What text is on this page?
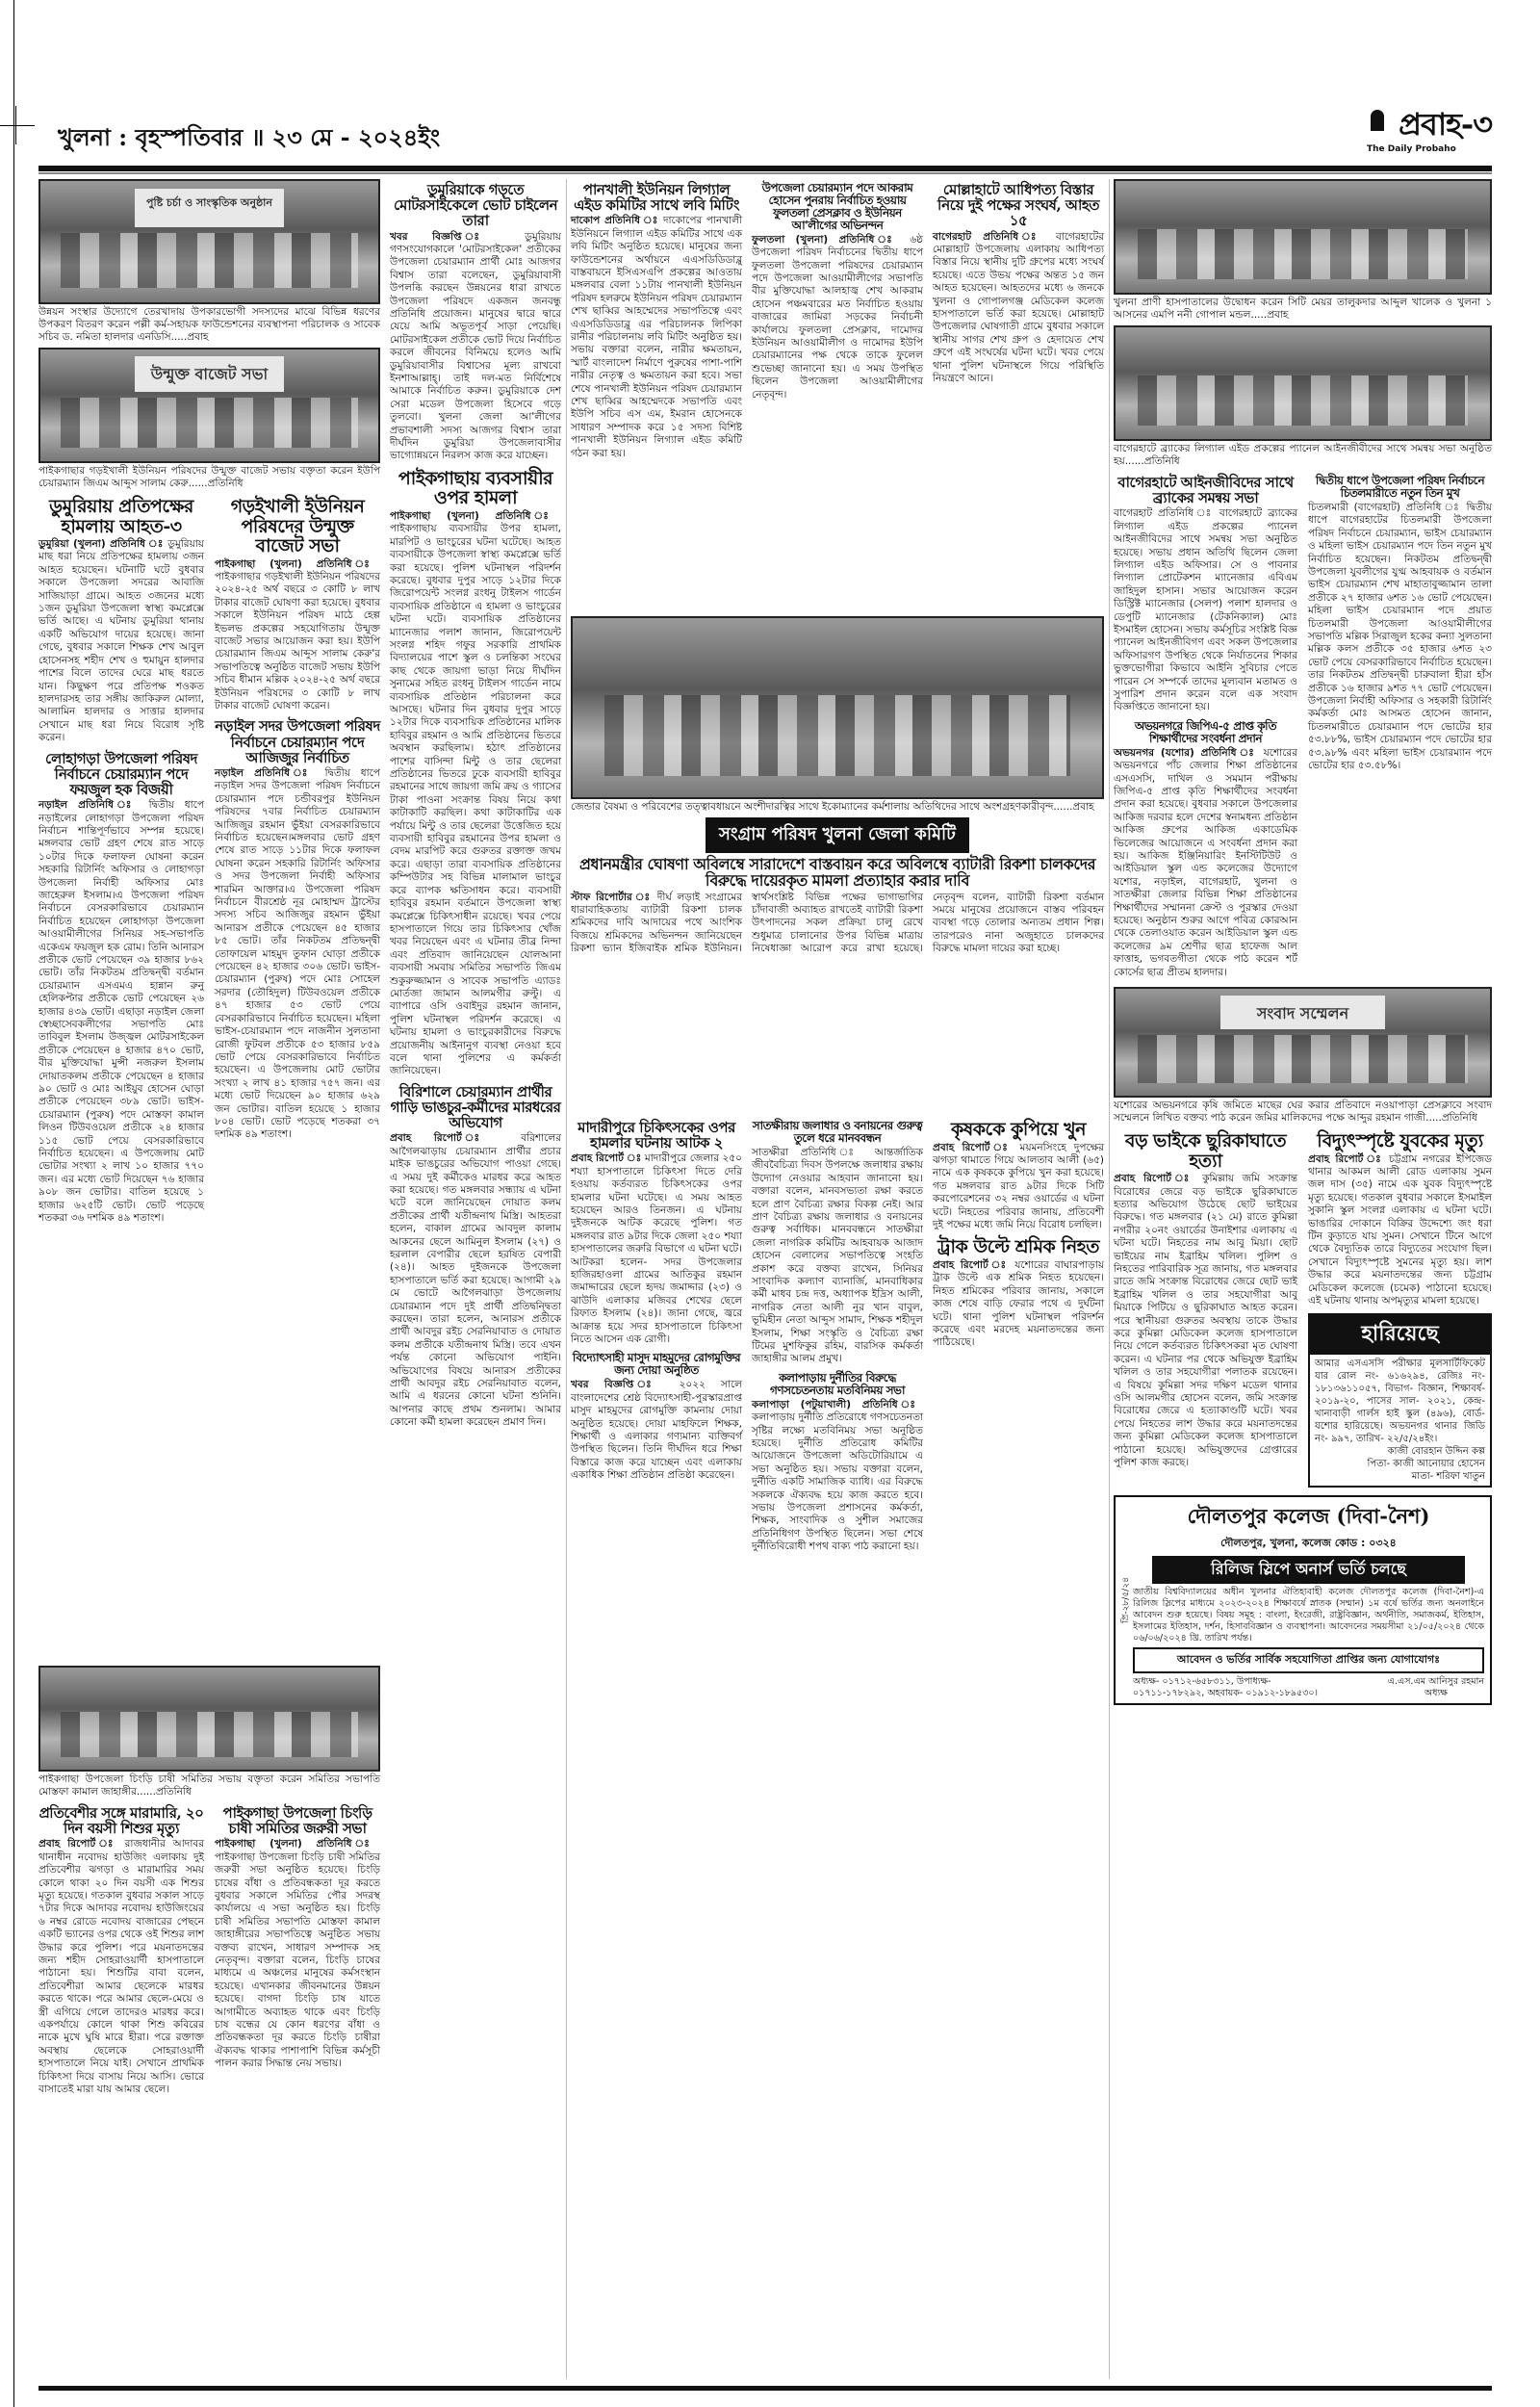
খুলনা : বৃহস্পতিবার ॥ ২৩ মে - ২০২৪ইং	প্রবাহ-৩
The Daily Probaho
পুষ্টি চর্চা ও সাংস্কৃতিক অনুষ্ঠান

উন্নয়ন সংস্থার উদ্যোগে তেরখাদায় উপকারভোগী সদস্যদের মাঝে বিভিন্ন ধরণের উপকরণ বিতরণ করেন পল্লী কর্ম-সহায়ক ফাউন্ডেশনের ব্যবস্থাপনা পরিচালক ও সাবেক সচিব ড. নমিতা হালদার এনডিসি.....প্রবাহ

উন্মুক্ত বাজেট সভা

পাইকগাছার গড়ইখালী ইউনিয়ন পরিষদের উন্মুক্ত বাজেট সভায় বক্তৃতা করেন ইউপি চেয়ারম্যান জিএম আব্দুস সালাম কেরু......প্রতিনিধি

ডুমুরিয়ায় প্রতিপক্ষের হামলায় আহত-৩

ডুমুরিয়া (খুলনা) প্রতিনিধি ঃ ডুমুরিয়ায় মাছ ধরা নিয়ে প্রতিপক্ষের হামলায় ৩জন আহত হয়েছেন। ঘটনাটি ঘটে বুধবার সকালে উপজেলা সদরের আবাজি সাজিয়াড়া গ্রামে। আহত ৩জনের মধ্যে ১জন ডুমুরিয়া উপজেলা স্বাস্থ্য কমপ্লেক্সে ভর্তি আছে। এ ঘটনায় ডুমুরিয়া থানায় একটি অভিযোগ দায়ের হয়েছে। জানা গেছে, বুধবার সকালে শিক্ষক শেখ আবুল হোসেনসহ শহীদ শেখ ও হুমায়ুন হালদার পাশের বিলে তাদের ঘেরে মাছ ধরতে যান। কিছুক্ষণ পরে প্রতিপক্ষ শওকত হালদারসহ তার সঙ্গীয় জাকিরুল মোল্যা, আলামিন হালদার ও সাত্তার হালদার সেখানে মাছ ধরা নিয়ে বিরোধ সৃষ্টি করেন।

লোহাগড়া উপজেলা পরিষদ নির্বাচনে চেয়ারম্যান পদে ফয়জুল হক বিজয়ী

নড়াইল প্রতিনিধি ঃ দ্বিতীয় ধাপে নড়াইলের লোহাগড়া উপজেলা পরিষদ নির্বাচন শান্তিপূর্ণভাবে সম্পন্ন হয়েছে। মঙ্গলবার ভোট গ্রহণ শেষে রাত সাড়ে ১০টার দিকে ফলাফল ঘোষনা করেন সহকারি রিটার্নিং অফিসার ও লোহাগড়া উপজেলা নির্বাহী অফিসার মোঃ জাহেরুল ইসলাম।এ উপজেলা পরিষদ নির্বাচনে বেসরকারিভাবে চেয়ারম্যান নির্বাচিত হয়েছেন লোহাগড়া উপজেলা আওয়ামীলীগের সিনিয়র সহ-সভাপতি একেএম ফয়জুল হক রোম। তিনি আনারস প্রতীকে ভোট পেয়েছেন ৩৯ হাজার ৮৬২ ভোট। তাঁর নিকটতম প্রতিদ্বন্দ্বী বর্তমান চেয়ারম্যান এসএমএ হান্নান রুনু হেলিকপ্টার প্রতীকে ভোট পেয়েছেন ২৬ হাজার ৪৩৯ ভোট। এছাড়া নড়াইল জেলা স্বেচ্ছাসেবকলীগের সভাপতি মোঃ তাবিবুল ইসলাম উজ্জ্বল মোটরসাইকেল প্রতীকে পেয়েছেন ৪ হাজার ৪৭০ ভোট, বীর মুক্তিযোদ্ধা মুন্সী নজরুল ইসলাম দোয়াতকলম প্রতীকে পেয়েছেন ৪ হাজার ৯০ ভোট ও মোঃ আইয়ুব হোসেন ঘোড়া প্রতীকে পেয়েছেন ৩৮৯ ভোট। ভাইস-চেয়ারম্যান (পুরুষ) পদে মোস্তফা কামাল লিওন টিউবওয়েল প্রতীকে ২৪ হাজার ১১৫ ভোট পেয়ে বেসরকারিভাবে নির্বাচিত হয়েছেন। এ উপজেলায় মোট ভোটার সংখ্যা ২ লাখ ১০ হাজার ৭৭০ জন। এর মধ্যে ভোট দিয়েছেন ৭৬ হাজার ৯০৮ জন ভোটার। বাতিল হয়েছে ১ হাজার ৬২৫টি ভোট। ভোট পড়েছে শতকরা ৩৬ দশমিক ৪৯ শতাংশ।

গড়ইখালী ইউনিয়ন পরিষদের উন্মুক্ত বাজেট সভা

পাইকগাছা (খুলনা) প্রতিনিধি ঃ পাইকগাছার গড়ইখালী ইউনিয়ন পরিষদের ২০২৪-২৫ অর্থ বছরে ৩ কোটি ৮ লাখ টাকার বাজেট ঘোষণা করা হয়েছে। বুধবার সকালে ইউনিয়ন পরিষদ মাঠে হেল্প ইভলভ প্রকল্পের সহযোগিতায় উন্মুক্ত বাজেট সভার আয়োজন করা হয়। ইউপি চেয়ারম্যান জিএম আব্দুস সালাম কেরু'র সভাপতিত্বে অনুষ্ঠিত বাজেট সভায় ইউপি সচিব ধীমান মল্লিক ২০২৪-২৫ অর্থ বছরে ইউনিয়ন পরিষদের ৩ কোটি ৮ লাখ টাকার বাজেট ঘোষণা করেন।

নড়াইল সদর উপজেলা পরিষদ নির্বাচনে চেয়ারম্যান পদে আজিজুর নির্বাচিত

নড়াইল প্রতিনিধি ঃ দ্বিতীয় ধাপে নড়াইল সদর উপজেলা পরিষদ নির্বাচনে চেয়ারম্যান পদে চন্ডীবরপুর ইউনিয়ন পরিষদের ৭বার নির্বাচিত চেয়ারম্যান আজিজুর রহমান ভুঁইয়া বেসরকারিভাবে নির্বাচিত হয়েছেন।মঙ্গলবার ভোট গ্রহণ শেষে রাত সাড়ে ১১টার দিকে ফলাফল ঘোষনা করেন সহকারি রিটার্নিং অফিসার ও সদর উপজেলা নির্বাহী অফিসার শারমিন আক্তার।এ উপজেলা পরিষদ নির্বাচনে বীরশ্রেষ্ঠ নূর মোহাম্মদ ট্রাস্টের সদস্য সচিব আজিজুর রহমান ভুঁইয়া আনারস প্রতীকে পেয়েছেন ৪৫ হাজার ৮৫ ভোট। তাঁর নিকটতম প্রতিদ্বন্দ্বী তোফায়েল মাহমুদ তুফান ঘোড়া প্রতীকে পেয়েছেন ৪২ হাজার ৩০৬ ভোট। ভাইস-চেয়ারম্যান (পুরুষ) পদে মোঃ সোহেল সরদার (তৌহিদুল) টিউবওয়েল প্রতীকে ৪৭ হাজার ৫৩ ভোট পেয়ে বেসরকারিভাবে নির্বাচিত হয়েছেন। মহিলা ভাইস-চেয়ারম্যান পদে নাজনীন সুলতানা রোজী ফুটবল প্রতীকে ৫৩ হাজার ৮৫৯ ভোট পেয়ে বেসরকারিভাবে নির্বাচিত হয়েছেন। এ উপজেলায় মোট ভোটার সংখ্যা ২ লাখ ৪১ হাজার ৭৫৭ জন। এর মধ্যে ভোট দিয়েছেন ৯০ হাজার ৬২৯ জন ভোটার। বাতিল হয়েছে ১ হাজার ৮০৪ ভোট। ভোট পড়েছে শতকরা ৩৭ দশমিক ৪৯ শতাংশ।

পাইকগাছা উপজেলা চিংড়ি চাষী সমিতির সভায় বক্তৃতা করেন সমিতির সভাপতি মোস্তফা কামাল জাহাঙ্গীর......প্রতিনিধি

প্রতিবেশীর সঙ্গে মারামারি, ২০ দিন বয়সী শিশুর মৃত্যু

প্রবাহ রিপোর্ট ঃ রাজধানীর আদাবর থানাধীন নবোদয় হাউজিং এলাকায় দুই প্রতিবেশীর ঝগড়া ও মারামারির সময় কোলে থাকা ২০ দিন বয়সী এক শিশুর মৃত্যু হয়েছে। গতকাল বুধবার সকাল সাড়ে ৭টার দিকে আদাবর নবোদয় হাউজিংয়ের ৬ নম্বর রোডে নবোদয় বাজারের পেছনে একটি ভ্যানের ওপর থেকে ওই শিশুর লাশ উদ্ধার করে পুলিশ। পরে ময়নাতদন্তের জন্য শহীদ সোহরাওয়ার্দী হাসপাতালে পাঠানো হয়। শিশুটির বাবা বলেন, প্রতিবেশীরা আমার ছেলেকে মারধর করতে থাকে। পরে আমার ছেলে-মেয়ে ও স্ত্রী এগিয়ে গেলে তাদেরও মারধর করে। একপর্যায়ে কোলে থাকা শিশু কবিরের নাকে মুখে ঘুষি মারে হীরা। পরে রক্তাক্ত অবস্থায় ছেলেকে সোহরাওয়ার্দী হাসপাতালে নিয়ে যাই। সেখানে প্রাথমিক চিকিৎসা দিয়ে বাসায় নিয়ে আসি। ভোরে বাসাতেই মারা যায় আমার ছেলে।

পাইকগাছা উপজেলা চিংড়ি চাষী সমিতির জরুরী সভা

পাইকগাছা (খুলনা) প্রতিনিধি ঃ পাইকগাছা উপজেলা চিংড়ি চাষী সমিতির জরুরী সভা অনুষ্ঠিত হয়েছে। চিংড়ি চাষের বাঁধা ও প্রতিবন্ধকতা দূর করতে বুধবার সকালে সমিতির পৌর সদরস্থ কার্যালয়ে এ সভা অনুষ্ঠিত হয়। চিংড়ি চাষী সমিতির সভাপতি মোস্তফা কামাল জাহাঙ্গীরের সভাপতিত্বে অনুষ্ঠিত সভায় বক্তব্য রাখেন, সাধারণ সম্পাদক সহ নেতৃবৃন্দ। বক্তারা বলেন, চিংড়ি চাষের মাধ্যমে এ অঞ্চলের মানুষের কর্মসংস্থান হয়েছে। এখানকার জীবনমানের উন্নয়ন হয়েছে। বাগদা চিংড়ি চাষ যাতে আগামীতে অব্যাহত থাকে এবং চিংড়ি চাষ বন্ধের যে কোন ধরণের বাঁধা ও প্রতিবন্ধকতা দূর করতে চিংড়ি চাষীরা ঐক্যবদ্ধ থাকার পাশাপাশি বিভিন্ন কর্মসূচী পালন করার সিদ্ধান্ত নেয় সভায়।

ডুমুরিয়াকে গড়তে মোটরসাইকেলে ভোট চাইলেন তারা

খবর বিজ্ঞপ্তি ঃ ডুমুরিয়ায় গণসংযোগকালে 'মোটরসাইকেল' প্রতীকের উপজেলা চেয়ারম্যান প্রার্থী মোঃ আজগর বিশ্বাস তারা বলেছেন, ডুমুরিয়াবাসী উপলব্ধি করছেন উন্নয়নের ধারা রাখতে উপজেলা পরিষদে একজন জনবন্ধু প্রতিনিধি প্রয়োজন। মানুষের দ্বারে দ্বারে যেয়ে আমি অভূতপূর্ব সাড়া পেয়েছি। মোটরসাইকেল প্রতীকে ভোট দিয়ে নির্বাচিত করলে জীবনের বিনিময়ে হলেও আমি ডুমুরিয়াবাসীর বিশ্বাসের মূল্য রাখবো ইনশাআল্লাহ্। তাই দল-মত নির্বিশেষে আমাকে নির্বাচিত করুন। ডুমুরিয়াকে দেশ সেরা মডেল উপজেলা হিসেবে গড়ে তুলবো। খুলনা জেলা আ'লীগের প্রভাবশালী সদস্য আজগর বিশ্বাস তারা দীর্ঘদিন ডুমুরিয়া উপজেলাবাসীর ভাগ্যোন্নয়নে নিরলস কাজ করে যাচ্ছেন।

পাইকগাছায় ব্যবসায়ীর ওপর হামলা

পাইকগাছা (খুলনা) প্রতিনিধি ঃ পাইকগাছায় ব্যবসায়ীর উপর হামলা, মারপিট ও ভাংচুরের ঘটনা ঘটেছে। আহত ব্যবসায়ীকে উপজেলা স্বাস্থ্য কমপ্লেক্সে ভর্তি করা হয়েছে। পুলিশ ঘটনাস্থল পরিদর্শন করেছে। বুধবার দুপুর সাড়ে ১২টার দিকে জিরোপয়েন্ট সংলগ্ন রংধনু টাইলস গার্ডেন ব্যবসায়িক প্রতিষ্ঠানে এ হামলা ও ভাংচুরের ঘটনা ঘটে। ব্যবসায়িক প্রতিষ্ঠানের ম্যানেজার পলাশ জানান, জিরোপয়েন্ট সংলগ্ন শহিদ গফুর সরকারি প্রাথমিক বিদ্যালয়ের পাশে স্কুল ও চলন্তিকা সংঘের কাছ থেকে জায়গা ভাড়া নিয়ে দীর্ঘদিন সুনামের সহিত রংধনু টাইলস গার্ডেন নামে ব্যবসায়িক প্রতিষ্ঠান পরিচালনা করে আসছে। ঘটনার দিন বুধবার দুপুর সাড়ে ১২টার দিকে ব্যবসায়িক প্রতিষ্ঠানের মালিক হাবিবুর রহমান ও আমি প্রতিষ্ঠানের ভিতরে অবস্থান করছিলাম। হঠাৎ প্রতিষ্ঠানের পাশের বাসিন্দা মিন্টু ও তার ছেলেরা প্রতিষ্ঠানের ভিতরে ঢুকে ব্যবসায়ী হাবিবুর রহমানের সাথে জায়গা জমি ক্রয় ও গ্যাসের টাকা পাওনা সংক্রান্ত বিষয় নিয়ে কথা কাটাকাটি করছিল। কথা কাটাকাটির এক পর্যায়ে মিন্টু ও তার ছেলেরা উত্তেজিত হয়ে ব্যবসায়ী হাবিবুর রহমানের উপর হামলা ও বেদম মারপিট করে গুরুতর রক্তাক্ত জখম করে। এছাড়া তারা ব্যবসায়িক প্রতিষ্ঠানের কম্পিউটার সহ বিভিন্ন মালামাল ভাংচুর করে ব্যাপক ক্ষতিসাধন করে। ব্যবসায়ী হাবিবুর রহমান বর্তমানে উপজেলা স্বাস্থ্য কমপ্লেক্সে চিকিৎসাধীন রয়েছে। খবর পেয়ে হাসপাতালে গিয়ে তার চিকিৎসার খোঁজ খবর নিয়েছেন এবং এ ঘটনার তীব্র নিন্দা এবং প্রতিবাদ জানিয়েছেন যোলআনা ব্যবসায়ী সমবায় সমিতির সভাপতি জিএম শুকুরুজ্জামান ও সাবেক সভাপতি এ্যাডঃ মোর্তজা জামান আলমগীর রুল্টু। এ ব্যাপারে ওসি ওবাইদুর রহমান জানান, পুলিশ ঘটনাস্থল পরিদর্শন করেছে। এ ঘটনায় হামলা ও ভাংচুরকারীদের বিরুদ্ধে প্রয়োজনীয় আইনানুগ ব্যবস্থা নেওয়া হবে বলে থানা পুলিশের এ কর্মকর্তা জানিয়েছেন।

বিরিশালে চেয়ারম্যান প্রার্থীর গাড়ি ভাঙচুর-কর্মীদের মারধরের অভিযোগ

প্রবাহ রিপোর্ট ঃ বরিশালের আগৈলঝাড়ায় চেয়ারম্যান প্রার্থীর প্রচার মাইক ভাঙচুরের অভিযোগ পাওয়া গেছে। এ সময় দুই কর্মীকেও মারধর করে আহত করা হয়েছে। গত মঙ্গলবার সন্ধ্যায় এ ঘটনা ঘটে বলে জানিয়েছেন দোয়াত কলম প্রতীকের প্রার্থী যতীন্দ্রনাথ মিস্ত্রি। আহতরা হলেন, বাকাল গ্রামের আবদুল কালাম আকনের ছেলে আমিনুল ইসলাম (২৭) ও হরলাল বেপারীর ছেলে হরষিত বেপারী (২৪)। আহত দুইজনকে উপজেলা হাসপাতালে ভর্তি করা হয়েছে। আগামী ২৯ মে ভোটে আগৈলঝাড়া উপজেলায় চেয়ারম্যান পদে দুই প্রার্থী প্রতিদ্বন্দ্বিতা করছেন। তারা হলেন, আনারস প্রতীকে প্রার্থী আবদুর রইচ সেরনিয়াবাত ও দোয়াত কলম প্রতীকে যতীন্দ্রনাথ মিস্ত্রি। তবে এখন পর্যন্ত কোনো অভিযোগ পাইনি। অভিযোগের বিষয়ে আনারস প্রতীকের প্রার্থী আবদুর রইচ সেরনিয়াবাত বলেন, আমি এ ধরনের কোনো ঘটনা শুনিনি। আপনার কাছে প্রথম শুনলাম। আমার কোনো কর্মী হামলা করেছেন প্রমাণ দিন।

পানখালী ইউনিয়ন লিগ্যাল এইড কমিটির সাথে লবি মিটিং

দাকোপ প্রতিনিধি ঃ দাকোপের পানখালী ইউনিয়নে লিগ্যাল এইড কমিটির সাথে এক লবি মিটিং অনুষ্ঠিত হয়েছে। মানুষের জন্য ফাউন্ডেশনের অর্থায়নে এএসডিডিডাব্লু বাস্তবায়নে ইসিএসএপি প্রকল্পের আওতায় মঙ্গলবার বেলা ১১টায় পানখালী ইউনিয়ন পরিষদ হলরুমে ইউনিয়ন পরিষদ চেয়ারম্যান শেখ ছাব্বির আহম্মেদের সভাপতিত্বে এবং এএসডিডিডাব্লু এর পরিচালনক লিপিকা রানীর পরিচালনায় লবি মিটিং অনুষ্ঠিত হয়। সভায় বক্তারা বলেন, নারীর ক্ষমতায়ন, স্মার্ট বাংলাদেশ নির্মাণে পুরুষের পাশা-পাশি নারীর নেতৃত্ব ও ক্ষমতায়ন করা হবে। সভা শেষে পানখালী ইউনিয়ন পরিষদ চেয়ারম্যান শেখ ছাব্বির আহম্মেদকে সভাপতি এবং ইউপি সচিব এস এম, ইমরান হোসেনকে সাধারণ সম্পাদক করে ১৫ সদস্য বিশিষ্ট পানখালী ইউনিয়ন লিগ্যাল এইড কমিটি গঠন করা হয়।

উপজেলা চেয়ারম্যান পদে আকরাম হোসেন পুনরায় নির্বাচিত হওয়ায় ফুলতলা প্রেসক্লাব ও ইউনিয়ন আ'লীগের অভিনন্দন

ফুলতলা (খুলনা) প্রতিনিধি ঃ ৬ষ্ঠ উপজেলা পরিষদ নির্বাচনের দ্বিতীয় ধাপে ফুলতলা উপজেলা পরিষদের চেয়ারম্যান পদে উপজেলা আওয়ামীলীগের সভাপতি বীর মুক্তিযোদ্ধা আলহাজ্ব শেখ আকরাম হোসেন পঞ্চমবারের মত নির্বাচিত হওয়ায় বাজারের জামিরা সড়কের নির্বাচনী কার্যালয়ে ফুলতলা প্রেসক্লাব, দামোদর ইউনিয়ন আওয়ামীলীগ ও দামোদর ইউপি চেয়ারম্যানের পক্ষ থেকে তাকে ফুলেল শুভেচ্ছা জানানো হয়। এ সময় উপস্থিত ছিলেন উপজেলা আওয়ামীলীগের নেতৃবৃন্দ।

মোল্লাহাটে আধিপত্য বিস্তার নিয়ে দুই পক্ষের সংঘর্ষ, আহত ১৫

বাগেরহাট প্রতিনিধি ঃ বাগেরহাটের মোল্লাহাট উপজেলায় এলাকায় আধিপত্য বিস্তার নিয়ে স্থানীয় দুটি গ্রুপের মধ্যে সংঘর্ষ হয়েছে। এতে উভয় পক্ষের অন্তত ১৫ জন আহত হয়েছেন। আহতদের মধ্যে ৬ জনকে খুলনা ও গোপালগঞ্জ মেডিকেল কলেজ হাসপাতালে ভর্তি করা হয়েছে। মোল্লাহাট উপজেলার ঘোষগাতী গ্রামে বুধবার সকালে স্থানীয় সাগর শেখ গ্রুপ ও হেদায়েত শেখ গ্রুপে এই সংঘর্ষের ঘটনা ঘটে। খবর পেয়ে থানা পুলিশ ঘটনাস্থলে গিয়ে পরিস্থিতি নিয়ন্ত্রণে আনে।

জেন্ডার বৈষম্য ও পরিবেশের তত্ত্বাবধায়নে অংশীদারত্বির সাথে ইকোম্যানের কর্মশালায় অতিথিদের সাথে অংশগ্রহণকারীবৃন্দ......প্রবাহ

সংগ্রাম পরিষদ খুলনা জেলা কমিটি
প্রধানমন্ত্রীর ঘোষণা অবিলম্বে সারাদেশে বাস্তবায়ন করে অবিলম্বে ব্যাটারী রিকশা চালকদের বিরুদ্ধে দায়েরকৃত মামলা প্রত্যাহার করার দাবি

স্টাফ রিপোর্টার ঃ দীর্ঘ লড়াই সংগ্রামের ধারাবাহিকতায় ব্যাটারী রিকশা চালক শ্রমিকদের দাবি আদায়ের পথে আংশিক বিজয়ে শ্রমিকদের অভিনন্দন জানিয়েছেন রিকশা ভ্যান ইজিবাইক শ্রমিক ইউনিয়ন। স্বার্থসংশ্লিষ্ট বিভিন্ন পক্ষের ভাগাভাগির চাঁদাবাজী অব্যাহত রাখতেই ব্যাটারী রিকশা উৎপাদনের সকল প্রক্রিয়া চালু রেখে শুধুমাত্র চালানোর উপর বিভিন্ন মাত্রায় নিষেধাজ্ঞা আরোপ করে রাখা হয়েছে। নেতৃবৃন্দ বলেন, ব্যাটারী রিকশা বর্তমান সময়ে মানুষের প্রয়োজনে বাস্তব পরিবহন ব্যবস্থা গড়ে তোলার অন্যতম প্রধান শিল্প। তারপরেও নানা অজুহাতে চালকদের বিরুদ্ধে মামলা দায়ের করা হচ্ছে।

মাদারীপুরে চিকিৎসকের ওপর হামলার ঘটনায় আটক ২

প্রবাহ রিপোর্ট ঃ মাদারীপুরে জেলার ২৫০ শয্যা হাসপাতালে চিকিৎসা দিতে দেরি হওয়ায় কর্তব্যরত চিকিৎসকের ওপর হামলার ঘটনা ঘটেছে। এ সময় আহত হয়েছেন আরও তিনজন। এ ঘটনায় দুইজনকে আটক করেছে পুলিশ। গত মঙ্গলবার রাত ৯টার দিকে জেলা ২৫০ শয্যা হাসপাতালের জরুরি বিভাগে এ ঘটনা ঘটে। আটকরা হলেন- সদর উপজেলার হাজিরহাওলা গ্রামের আতিকুর রহমান জমাদ্দারের ছেলে হৃদয় জমাদ্দার (২৩) ও ঝাউদি এলাকার মজিবর শেখের ছেলে রিফাত ইসলাম (২৪)। জানা গেছে, জ্বরে আক্রান্ত হয়ে সদর হাসপাতালে চিকিৎসা নিতে আসেন এক রোগী।

বিদ্যোৎসাহী মাসুদ মাহমুদের রোগমুক্তির জন্য দোয়া অনুষ্ঠিত

খবর বিজ্ঞপ্তি ঃ ২০২২ সালে বাংলাদেশের শ্রেষ্ঠ বিদ্যোৎসাহী-পুরস্কারপ্রাপ্ত মাসুদ মাহমুদের রোগমুক্তি কামনায় দোয়া অনুষ্ঠিত হয়েছে। দোয়া মাহফিলে শিক্ষক, শিক্ষার্থী ও এলাকার গণ্যমান্য ব্যক্তিবর্গ উপস্থিত ছিলেন। তিনি দীর্ঘদিন ধরে শিক্ষা বিস্তারে কাজ করে যাচ্ছেন এবং এলাকায় একাধিক শিক্ষা প্রতিষ্ঠান প্রতিষ্ঠা করেছেন।

সাতক্ষীরায় জলাধার ও বনায়নের গুরুত্ব তুলে ধরে মানববন্ধন

সাতক্ষীরা প্রতিনিধি ঃ আন্তর্জাতিক জীববৈচিত্র্য দিবস উপলক্ষে জলাধার রক্ষায় উদ্যোগ নেওয়ার আহবান জানানো হয়। বক্তারা বলেন, মানবসভ্যতা রক্ষা করতে হলে প্রাণ বৈচিত্র্য রক্ষার বিকল্প নেই। আর প্রাণ বৈচিত্র্য রক্ষায় জলাধার ও বনায়নের গুরুত্ব সর্বাধিক। মানববন্ধনে সাতক্ষীরা জেলা নাগরিক কমিটির আহবায়ক আজাদ হোসেন বেলালের সভাপতিত্বে সংহতি প্রকাশ করে বক্তব্য রাখেন, সিনিয়র সাংবাদিক কল্যাণ ব্যানার্জি, মানবাধিকার কর্মী মাধব চন্দ্র দত্ত, অধ্যাপক ইদ্রিস আলী, নাগরিক নেতা আলী নুর খান বাবুল, ভূমিহীন নেতা আব্দুস সামাদ, শিক্ষক শহীদুল ইসলাম, শিক্ষা সংস্কৃতি ও বৈচিত্র্য রক্ষা টিমের মুশফিকুর রহিম, বারসিক কর্মকর্তা জাহাঙ্গীর আলম প্রমুখ।

কলাপাড়ায় দুর্নীতির বিরুদ্ধে গণসচেতনতায় মতবিনিময় সভা

কলাপাড়া (পটুয়াখালী) প্রতিনিধি ঃ কলাপাড়ায় দুর্নীতি প্রতিরোধে গণসচেতনতা সৃষ্টির লক্ষ্যে মতবিনিময় সভা অনুষ্ঠিত হয়েছে। দুর্নীতি প্রতিরোধ কমিটির আয়োজনে উপজেলা অডিটোরিয়ামে এ সভা অনুষ্ঠিত হয়। সভায় বক্তারা বলেন, দুর্নীতি একটি সামাজিক ব্যাধি। এর বিরুদ্ধে সকলকে ঐক্যবদ্ধ হয়ে কাজ করতে হবে। সভায় উপজেলা প্রশাসনের কর্মকর্তা, শিক্ষক, সাংবাদিক ও সুশীল সমাজের প্রতিনিধিগণ উপস্থিত ছিলেন। সভা শেষে দুর্নীতিবিরোধী শপথ বাক্য পাঠ করানো হয়।

কৃষককে কুপিয়ে খুন

প্রবাহ রিপোর্ট ঃ ময়মনসিংহে দুপক্ষের ঝগড়া থামাতে গিয়ে আলতাব আলী (৬৫) নামে এক কৃষককে কুপিয়ে খুন করা হয়েছে। গত মঙ্গলবার রাত ৯টার দিকে সিটি করপোরেশনের ৩২ নম্বর ওয়ার্ডের এ ঘটনা ঘটে। নিহতের পরিবার জানায়, প্রতিবেশী দুই পক্ষের মধ্যে জমি নিয়ে বিরোধ চলছিল।

ট্রাক উল্টে শ্রমিক নিহত

প্রবাহ রিপোর্ট ঃ যশোরের বাঘারপাড়ায় ট্রাক উল্টে এক শ্রমিক নিহত হয়েছেন। নিহত শ্রমিকের পরিবার জানায়, সকালে কাজ শেষে বাড়ি ফেরার পথে এ দুর্ঘটনা ঘটে। থানা পুলিশ ঘটনাস্থল পরিদর্শন করেছে এবং মরদেহ ময়নাতদন্তের জন্য পাঠিয়েছে।

খুলনা প্রাণী হাসপাতালের উদ্বোধন করেন সিটি মেয়র তালুকদার আব্দুল খালেক ও খুলনা ১ আসনের এমপি ননী গোপাল মন্ডল.....প্রবাহ

বাগেরহাটে ব্র্যাকের লিগ্যাল এইড প্রকল্পের প্যানেল আইনজীবীদের সাথে সমন্বয় সভা অনুষ্ঠিত হয়......প্রতিনিধি

বাগেরহাটে আইনজীবিদের সাথে ব্র্যাকের সমন্বয় সভা

বাগেরহাট প্রতিনিধি ঃ বাগেরহাটে ব্র্যাকের লিগ্যাল এইড প্রকল্পের প্যানেল আইনজীবিদের সাথে সমন্বয় সভা অনুষ্ঠিত হয়েছে। সভায় প্রধান অতিথি ছিলেন জেলা লিগ্যাল এইড অফিসার। সে ও পাবনার লিগ্যাল প্রোটেকশন ম্যানেজার এবিএম জাহিদুল হাসান। সভার আয়োজন করেন ডিস্ট্রিক্ট ম্যানেজার (সেলপ) পলাশ হালদার ও ডেপুটি ম্যানেজার (টেকনিক্যাল) মোঃ ইসমাইল হোসেন। সভায় কর্মসূচির সংশ্লিষ্ট বিজ্ঞ প্যানেল আইনজীবিগণ এবং সকল উপজেলার অফিসারগণ উপস্থিত থেকে নির্যাতনের শিকার ভুক্তভোগীরা কিভাবে আইনি সুবিচার পেতে পারেন সে সম্পর্কে তাদের মূল্যবান মতামত ও সুপারিশ প্রদান করেন বলে এক সংবাদ বিজ্ঞপ্তিতে জানানো হয়।

অভয়নগরে জিপিএ-৫ প্রাপ্ত কৃতি শিক্ষার্থীদের সংবর্ধনা প্রদান

অভয়নগর (যশোর) প্রতিনিধি ঃ যশোরের অভয়নগরে পাঁচ জেলার শিক্ষা প্রতিষ্ঠানের এসএসসি, দাখিল ও সমমান পরীক্ষায় জিপিএ-৫ প্রাপ্ত কৃতি শিক্ষার্থীদের সংবর্ধনা প্রদান করা হয়েছে। বুধবার সকালে উপজেলার আকিজ দরবার হলে দেশের স্বনামধন্য প্রতিষ্ঠান আকিজ গ্রুপের আকিজ একাডেমিক ভিলেজের আয়োজনে এ সংবর্ধনা প্রদান করা হয়। আকিজ ইঞ্জিনিয়ারিং ইনস্টিটিউট ও আইডিয়াল স্কুল এন্ড কলেজের উদ্যোগে যশোর, নড়াইল, বাগেরহাট, খুলনা ও সাতক্ষীরা জেলার বিভিন্ন শিক্ষা প্রতিষ্ঠানের শিক্ষার্থীদের সম্মাননা ক্রেস্ট ও পুরস্কার দেওয়া হয়েছে। অনুষ্ঠান শুরুর আগে পবিত্র কোরআন থেকে তেলাওয়াত করেন আইডিয়াল স্কুল এন্ড কলেজের ৯ম শ্রেণীর ছাত্র হাফেজ আল ফাত্তাহ, ভগবতগীতা থেকে পাঠ করেন শর্ট কোর্সের ছাত্র প্রীতম হালদার।

দ্বিতীয় ধাপে উপজেলা পরিষদ নির্বাচনে চিতলমারীতে নতুন তিন মুখ

চিতলমারী (বাগেরহাট) প্রতিনিধি ঃ দ্বিতীয় ধাপে বাগেরহাটের চিতলমারী উপজেলা পরিষদ নির্বাচনে চেয়ারম্যান, ভাইস চেয়ারম্যান ও মহিলা ভাইস চেয়ারম্যান পদে তিন নতুন মুখ নির্বাচিত হয়েছেন। নিকটতম প্রতিদ্বন্দ্বী উপজেলা যুবলীগের যুগ্ম আহবায়ক ও বর্তমান ভাইস চেয়ারম্যান শেখ মাহাতাবুজ্জামান তালা প্রতীকে ২৭ হাজার ৬শত ১৬ ভোট পেয়েছেন। মহিলা ভাইস চেয়ারম্যান পদে প্রয়াত চিতলমারী উপজেলা আওয়ামীলীগের সভাপতি মল্লিক সিরাজুল হকের কন্যা সুলতানা মল্লিক কলস প্রতীকে ৩৫ হাজার ৬শত ২৩ ভোট পেয়ে বেসরকারিভাবে নির্বাচিত হয়েছেন। তার নিকটতম প্রতিদ্বন্দ্বী চারুবালা হীরা হাঁস প্রতীকে ১৬ হাজার ৯শত ৭৭ ভোট পেয়েছেন। উপজেলা নির্বাহী অফিসার ও সহকারী রিটার্নিং কর্মকর্তা মোঃ আসমত হোসেন জানান, চিতলমারীতে চেয়ারম্যান পদে ভোটের হার ৫৩.৮৮%, ভাইস চেয়ারম্যান পদে ভোটের হার ৫৩.৯৮% এবং মহিলা ভাইস চেয়ারম্যান পদে ভোটের হার ৫৩.৫৮%।

সংবাদ সম্মেলন

যশোরের অভয়নগরে কৃষি জমিতে মাছের ঘের করার প্রতিবাদে নওয়াপাড়া প্রেসক্লাবে সংবাদ সম্মেলনে লিখিত বক্তব্য পাঠ করেন জমির মালিকদের পক্ষে আব্দুর রহমান গাজী.....প্রতিনিধি

বড় ভাইকে ছুরিকাঘাতে হত্যা

প্রবাহ রিপোর্ট ঃ কুমিল্লায় জমি সংক্রান্ত বিরোধের জেরে বড় ভাইকে ছুরিকাঘাতে হত্যার অভিযোগ উঠেছে ছোট ভাইয়ের বিরুদ্ধে। গত মঙ্গলবার (২১ মে) রাতে কুমিল্লা নগরীর ২০নং ওয়ার্ডের উনাইশার এলাকায় এ ঘটনা ঘটে। নিহতের নাম আবু মিয়া। ছোট ভাইয়ের নাম ইব্রাহিম খলিল। পুলিশ ও নিহতের পারিবারিক সূত্র জানায়, গত মঙ্গলবার রাতে জমি সংক্রান্ত বিরোধের জেরে ছোট ভাই ইব্রাহিম খলিল ও তার সহযোগীরা আবু মিয়াকে পিটিয়ে ও ছুরিকাঘাত আহত করেন। পরে স্থানীয়রা গুরুতর অবস্থায় তাকে উদ্ধার করে কুমিল্লা মেডিকেল কলেজ হাসপাতালে নিয়ে গেলে কর্তব্যরত চিকিৎসকরা মৃত ঘোষণা করেন। এ ঘটনার পর থেকে অভিযুক্ত ইব্রাহিম খলিল ও তার সহযোগীরা পলাতক রয়েছেন। এ বিষয়ে কুমিল্লা সদর দক্ষিণ মডেল থানার ওসি আলমগীর হোসেন বলেন, জমি সংক্রান্ত বিরোধের জেরে এ হত্যাকাণ্ডটি ঘটে। খবর পেয়ে নিহতের লাশ উদ্ধার করে ময়নাতদন্তের জন্য কুমিল্লা মেডিকেল কলেজ হাসপাতালে পাঠানো হয়েছে। অভিযুক্তদের গ্রেপ্তারের পুলিশ কাজ করছে।

বিদ্যুৎস্পৃষ্টে যুবকের মৃত্যু

প্রবাহ রিপোর্ট ঃ চট্টগ্রাম নগরের ইপিজেড থানার আকমল আলী রোড এলাকায় সুমন জল দাস (৩৫) নামে এক যুবক বিদ্যুৎস্পৃষ্টে মৃত্যু হয়েছে। গতকাল বুধবার সকালে ইসমাইল সুকানি স্কুল সংলগ্ন এলাকায় এ ঘটনা ঘটে। ভাঙারির দোকানে বিক্রির উদ্দেশ্যে জং ধরা টিন কুড়াতে যায় সুমন। সেখানে টিনে আগে থেকে বৈদ্যুতিক তারে বিদ্যুতের সংযোগ ছিল। সেখানে বিদ্যুৎস্পৃষ্টে সুমনের মৃত্যু হয়। লাশ উদ্ধার করে ময়নাতদন্তের জন্য চট্টগ্রাম মেডিকেল কলেজে (চমেক) পাঠানো হয়েছে। এই ঘটনায় থানায় অপমৃত্যুর মামলা হয়েছে।

হারিয়েছে
আমার এসএসসি পরীক্ষার মূলসার্টিফিকেট যার রোল নং- ৬১৬২৯৪, রেজিঃ নং- ১৮১৩৬১১০৫৭, বিভাগ- বিজ্ঞান, শিক্ষাবর্ষ- ২০১৯-২০, পাসের সাল- ২০২১, কেন্দ্র- খানাবাড়ী গার্লস হাই স্কুল (৪৯৬), বোর্ড- যশোর হারিয়েছে। অভয়নগর থানার জিডি নং- ৯৯৭, তারিখ- ২২/৫/২৪ইং।
কাজী বোরহান উদ্দিন কল্প
পিতা- কাজী আনোয়ার হোসেন
মাতা- শরিফা খাতুন
দৌলতপুর কলেজ (দিবা-নৈশ)
দৌলতপুর, খুলনা, কলেজ কোড : ০৩২৪
রিলিজ স্লিপে অনার্স ভর্তি চলছে
জাতীয় বিশ্ববিদ্যালয়ের অধীন খুলনার ঐতিহ্যবাহী কলেজ দৌলতপুর কলেজ (দিবা-নৈশ)-এ রিলিজ স্লিপের মাধ্যমে ২০২৩-২০২৪ শিক্ষাবর্ষে স্নাতক (সম্মান) ১ম বর্ষে ভর্তির জন্য অনলাইনে আবেদন শুরু হয়েছে। বিষয় সমূহ : বাংলা, ইংরেজী, রাষ্ট্রবিজ্ঞান, অর্থনীতি, সমাজকর্ম, ইতিহাস, ইসলামের ইতিহাস, দর্শন, হিসাববিজ্ঞান ও ব্যবস্থাপনা। আবেদনের সময়সীমা ২১/০৫/২০২৪ থেকে ০৬/০৬/২০২৪ খ্রি. তারিখ পর্যন্ত।
আবেদন ও ভর্তির সার্বিক সহযোগিতা প্রাপ্তির জন্য যোগাযোগঃ
অধ্যক্ষ- ০১৭১২-৬৫৮৩১১, উপাধ্যক্ষ- ০১৭১১-১৭৮২৯২, অহবায়ক- ০১৯১২-১৮৯৫৩০।
এ.এস.এম আনিসুর রহমান
অধ্যক্ষ
প্রি-২৮/৫/২৪
